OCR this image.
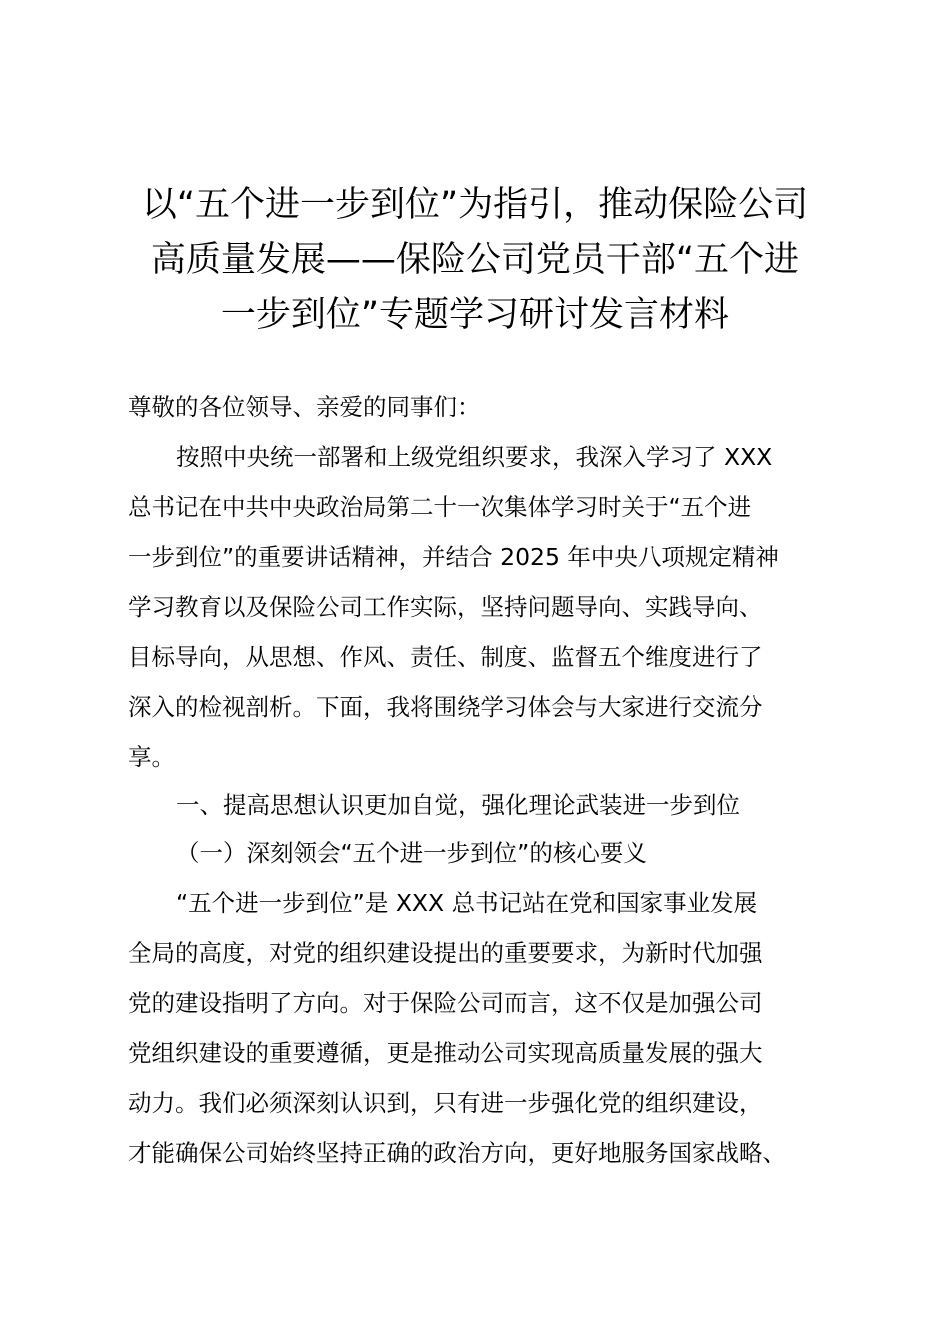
以“五个进一步到位”为指引，推动保险公司
高质量发展——保险公司党员干部“五个进
一步到位”专题学习研讨发言材料

尊敬的各位领导、亲爱的同事们：

按照中央统一部署和上级党组织要求，我深入学习了 XXX
总书记在中共中央政治局第二十一次集体学习时关于“五个进
一步到位”的重要讲话精神，并结合 2025 年中央八项规定精神
学习教育以及保险公司工作实际，坚持问题导向、实践导向、
目标导向，从思想、作风、责任、制度、监督五个维度进行了
深入的检视剖析。下面，我将围绕学习体会与大家进行交流分
享。

一、提高思想认识更加自觉，强化理论武装进一步到位

（一）深刻领会“五个进一步到位”的核心要义

“五个进一步到位”是 XXX 总书记站在党和国家事业发展
全局的高度，对党的组织建设提出的重要要求，为新时代加强
党的建设指明了方向。对于保险公司而言，这不仅是加强公司
党组织建设的重要遵循，更是推动公司实现高质量发展的强大
动力。我们必须深刻认识到，只有进一步强化党的组织建设，
才能确保公司始终坚持正确的政治方向，更好地服务国家战略、
